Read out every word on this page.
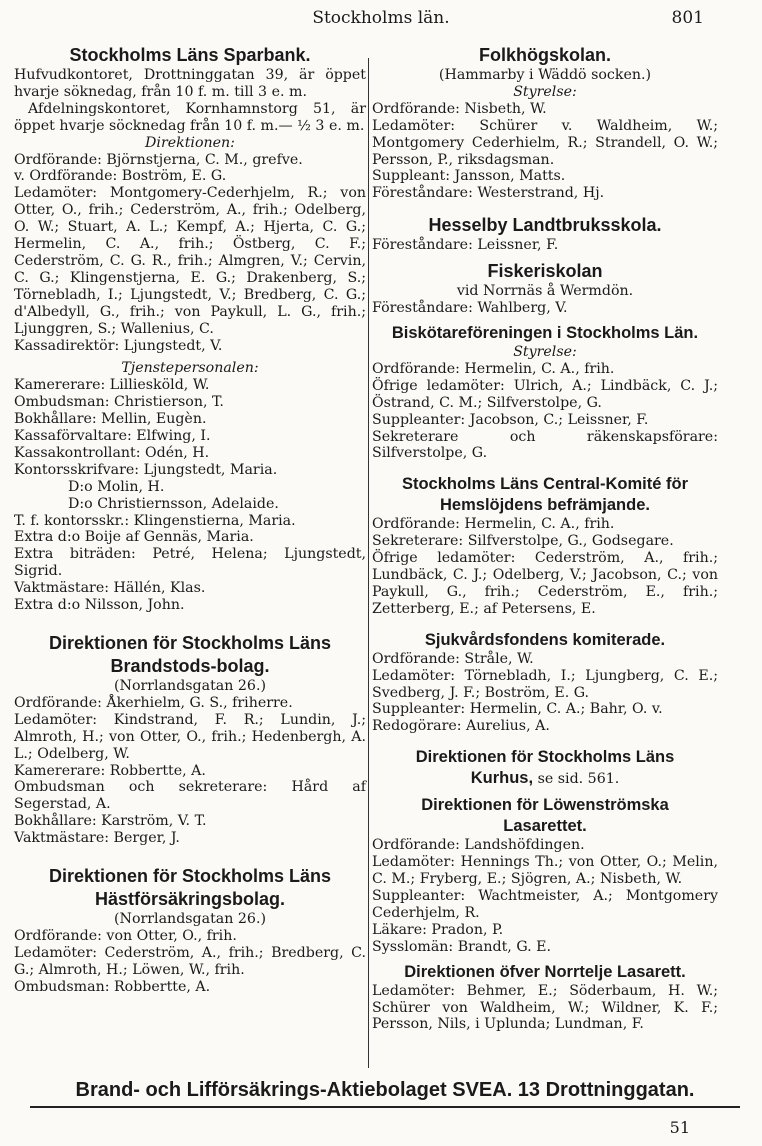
Stockholms län.	801

Stockholms Läns Sparbank.

Hufvudkontoret, Drottninggatan 39, är öppet hvarje söknedag, från 10 f. m. till 3 e. m.

Afdelningskontoret, Kornhamnstorg 51, är öppet hvarje söcknedag från 10 f. m.— ½ 3 e. m.

Direktionen:

Ordförande: Björnstjerna, C. M., grefve.

v. Ordförande: Boström, E. G.

Ledamöter: Montgomery-Cederhjelm, R.; von Otter, O., frih.; Cederström, A., frih.; Odelberg, O. W.; Stuart, A. L.; Kempf, A.; Hjerta, C. G.; Hermelin, C. A., frih.; Östberg, C. F.; Cederström, C. G. R., frih.; Almgren, V.; Cervin, C. G.; Klingenstjerna, E. G.; Drakenberg, S.; Törnebladh, I.; Ljungstedt, V.; Bredberg, C. G.; d'Albedyll, G., frih.; von Paykull, L. G., frih.; Ljunggren, S.; Wallenius, C.

Kassadirektör: Ljungstedt, V.

Tjenstepersonalen:

Kamererare: Lilliesköld, W.

Ombudsman: Christierson, T.

Bokhållare: Mellin, Eugèn.

Kassaförvaltare: Elfwing, I.

Kassakontrollant: Odén, H.

Kontorsskrifvare: Ljungstedt, Maria.

D:o Molin, H.

D:o Christiernsson, Adelaide.

T. f. kontorsskr.: Klingenstierna, Maria.

Extra d:o Boije af Gennäs, Maria.

Extra biträden: Petré, Helena; Ljungstedt, Sigrid.

Vaktmästare: Hällén, Klas.

Extra d:o Nilsson, John.

Direktionen för Stockholms Läns

Brandstods-bolag.

(Norrlandsgatan 26.)

Ordförande: Åkerhielm, G. S., friherre.

Ledamöter: Kindstrand, F. R.; Lundin, J.; Almroth, H.; von Otter, O., frih.; Hedenbergh, A. L.; Odelberg, W.

Kamererare: Robbertte, A.

Ombudsman och sekreterare: Hård af Segerstad, A.

Bokhållare: Karström, V. T.

Vaktmästare: Berger, J.

Direktionen för Stockholms Läns

Hästförsäkringsbolag.

(Norrlandsgatan 26.)

Ordförande: von Otter, O., frih.

Ledamöter: Cederström, A., frih.; Bredberg, C. G.; Almroth, H.; Löwen, W., frih.

Ombudsman: Robbertte, A.

Folkhögskolan.

(Hammarby i Wäddö socken.)

Styrelse:

Ordförande: Nisbeth, W.

Ledamöter: Schürer v. Waldheim, W.; Montgomery Cederhielm, R.; Strandell, O. W.; Persson, P., riksdagsman.

Suppleant: Jansson, Matts.

Föreståndare: Westerstrand, Hj.

Hesselby Landtbruksskola.

Föreståndare: Leissner, F.

Fiskeriskolan

vid Norrnäs å Wermdön.

Föreståndare: Wahlberg, V.

Biskötareföreningen i Stockholms Län.

Styrelse:

Ordförande: Hermelin, C. A., frih.

Öfrige ledamöter: Ulrich, A.; Lindbäck, C. J.; Östrand, C. M.; Silfverstolpe, G.

Suppleanter: Jacobson, C.; Leissner, F.

Sekreterare och räkenskapsförare: Silfverstolpe, G.

Stockholms Läns Central-Komité för

Hemslöjdens befrämjande.

Ordförande: Hermelin, C. A., frih.

Sekreterare: Silfverstolpe, G., Godsegare.

Öfrige ledamöter: Cederström, A., frih.; Lundbäck, C. J.; Odelberg, V.; Jacobson, C.; von Paykull, G., frih.; Cederström, E., frih.; Zetterberg, E.; af Petersens, E.

Sjukvårdsfondens komiterade.

Ordförande: Stråle, W.

Ledamöter: Törnebladh, I.; Ljungberg, C. E.; Svedberg, J. F.; Boström, E. G.

Suppleanter: Hermelin, C. A.; Bahr, O. v.

Redogörare: Aurelius, A.

Direktionen för Stockholms Läns

Kurhus, se sid. 561.

Direktionen för Löwenströmska

Lasarettet.

Ordförande: Landshöfdingen.

Ledamöter: Hennings Th.; von Otter, O.; Melin, C. M.; Fryberg, E.; Sjögren, A.; Nisbeth, W.

Suppleanter: Wachtmeister, A.; Montgomery Cederhjelm, R.

Läkare: Pradon, P.

Sysslomän: Brandt, G. E.

Direktionen öfver Norrtelje Lasarett.

Ledamöter: Behmer, E.; Söderbaum, H. W.; Schürer von Waldheim, W.; Wildner, K. F.; Persson, Nils, i Uplunda; Lundman, F.

Brand- och Lifförsäkrings-Aktiebolaget SVEA. 13 Drottninggatan.
51
